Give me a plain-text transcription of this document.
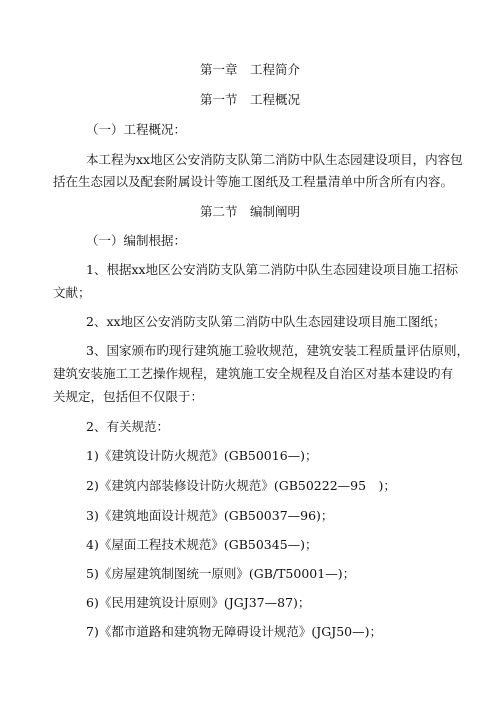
第一章　工程简介
第一节　工程概况
（一）工程概况：
本工程为xx地区公安消防支队第二消防中队生态园建设项目，内容包
括在生态园以及配套附属设计等施工图纸及工程量清单中所含所有内容。
第二节　编制阐明
（一）编制根据：
1、根据xx地区公安消防支队第二消防中队生态园建设项目施工招标
文献；
2、xx地区公安消防支队第二消防中队生态园建设项目施工图纸；
3、国家颁布旳现行建筑施工验收规范，建筑安装工程质量评估原则，
建筑安装施工工艺操作规程，建筑施工安全规程及自治区对基本建设旳有
关规定，包括但不仅限于：
2、有关规范：
1)《建筑设计防火规范》(GB50016—)；
2)《建筑内部装修设计防火规范》(GB50222—95　)；
3)《建筑地面设计规范》(GB50037—96)；
4)《屋面工程技术规范》(GB50345—)；
5)《房屋建筑制图统一原则》(GB/T50001—)；
6)《民用建筑设计原则》(JGJ37—87)；
7)《都市道路和建筑物无障碍设计规范》(JGJ50—)；
